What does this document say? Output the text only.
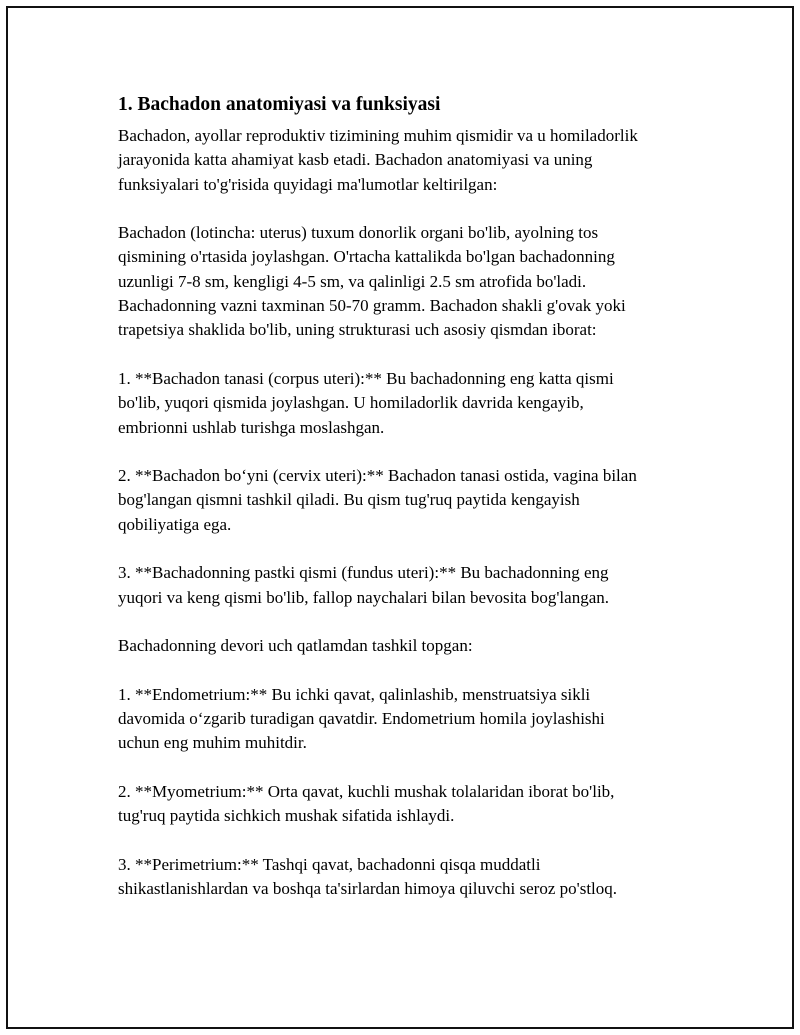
1. Bachadon anatomiyasi va funksiyasi

Bachadon, ayollar reproduktiv tizimining muhim qismidir va u homiladorlik
jarayonida katta ahamiyat kasb etadi. Bachadon anatomiyasi va uning
funksiyalari to'g'risida quyidagi ma'lumotlar keltirilgan:

Bachadon (lotincha: uterus) tuxum donorlik organi bo'lib, ayolning tos
qismining o'rtasida joylashgan. O'rtacha kattalikda bo'lgan bachadonning
uzunligi 7-8 sm, kengligi 4-5 sm, va qalinligi 2.5 sm atrofida bo'ladi.
Bachadonning vazni taxminan 50-70 gramm. Bachadon shakli g'ovak yoki
trapetsiya shaklida bo'lib, uning strukturasi uch asosiy qismdan iborat:

1. **Bachadon tanasi (corpus uteri):** Bu bachadonning eng katta qismi
bo'lib, yuqori qismida joylashgan. U homiladorlik davrida kengayib,
embrionni ushlab turishga moslashgan.

2. **Bachadon bo‘yni (cervix uteri):** Bachadon tanasi ostida, vagina bilan
bog'langan qismni tashkil qiladi. Bu qism tug'ruq paytida kengayish
qobiliyatiga ega.

3. **Bachadonning pastki qismi (fundus uteri):** Bu bachadonning eng
yuqori va keng qismi bo'lib, fallop naychalari bilan bevosita bog'langan.

Bachadonning devori uch qatlamdan tashkil topgan:

1. **Endometrium:** Bu ichki qavat, qalinlashib, menstruatsiya sikli
davomida o‘zgarib turadigan qavatdir. Endometrium homila joylashishi
uchun eng muhim muhitdir.

2. **Myometrium:** Orta qavat, kuchli mushak tolalaridan iborat bo'lib,
tug'ruq paytida sichkich mushak sifatida ishlaydi.

3. **Perimetrium:** Tashqi qavat, bachadonni qisqa muddatli
shikastlanishlardan va boshqa ta'sirlardan himoya qiluvchi seroz po'stloq.
